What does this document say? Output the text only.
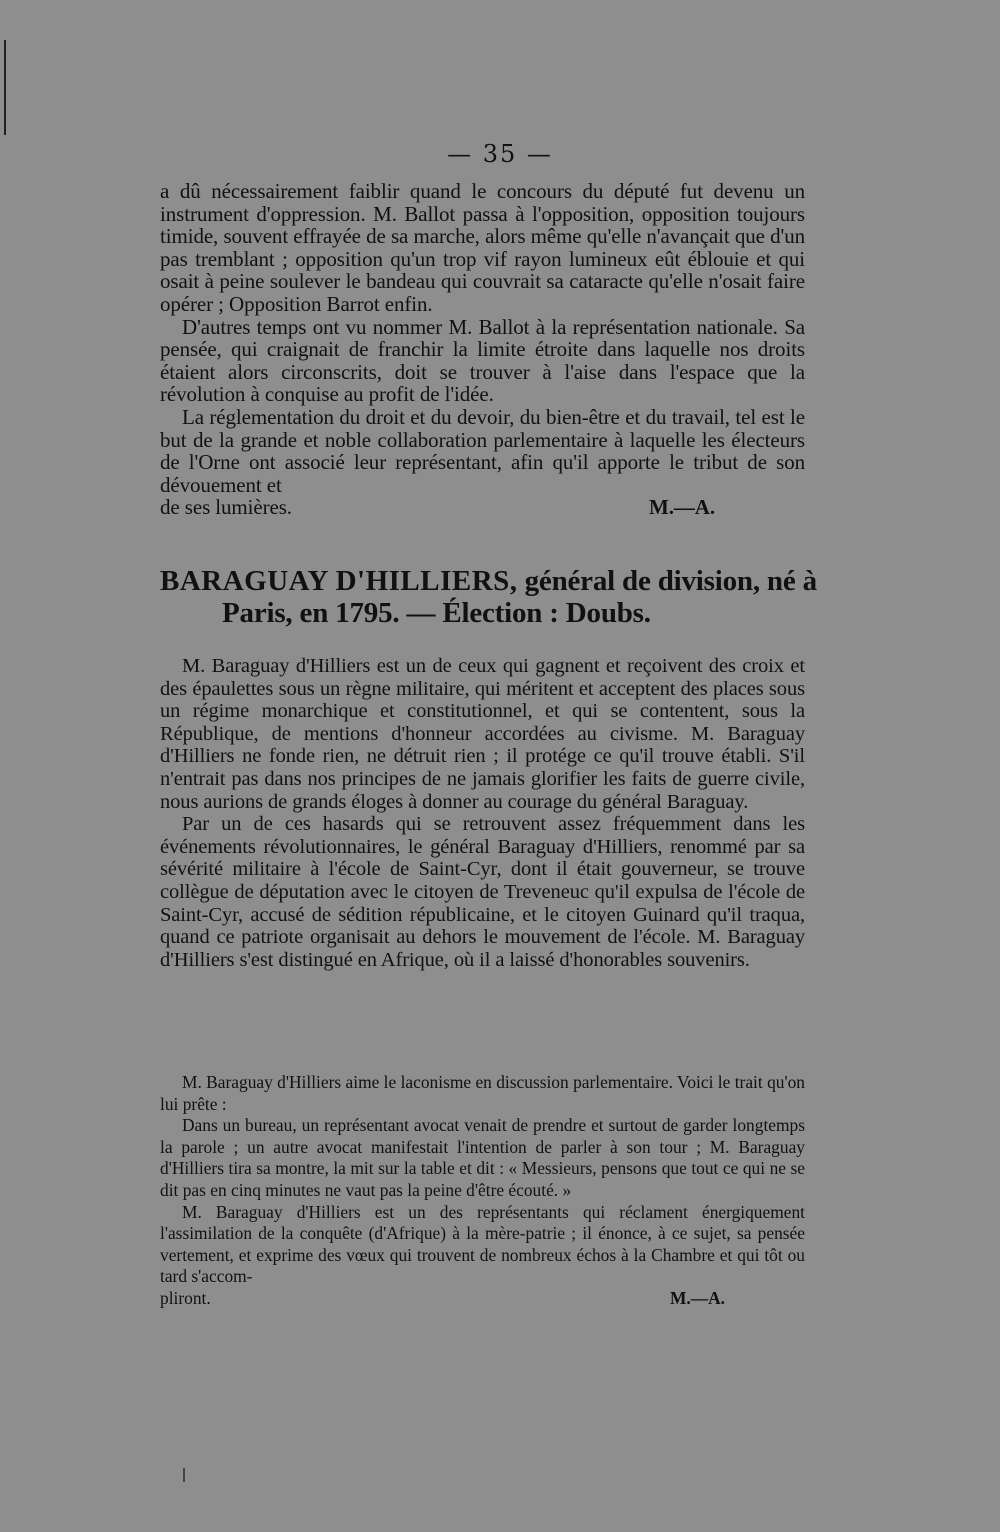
— 35 —

a dû nécessairement faiblir quand le concours du député fut devenu un instrument d'oppression. M. Ballot passa à l'opposition, opposition toujours timide, souvent effrayée de sa marche, alors même qu'elle n'avançait que d'un pas tremblant ; opposition qu'un trop vif rayon lumineux eût éblouie et qui osait à peine soulever le bandeau qui couvrait sa cataracte qu'elle n'osait faire opérer ; Opposition Barrot enfin.

D'autres temps ont vu nommer M. Ballot à la représentation nationale. Sa pensée, qui craignait de franchir la limite étroite dans laquelle nos droits étaient alors circonscrits, doit se trouver à l'aise dans l'espace que la révolution à conquise au profit de l'idée.

La réglementation du droit et du devoir, du bien-être et du travail, tel est le but de la grande et noble collaboration parlementaire à laquelle les électeurs de l'Orne ont associé leur représentant, afin qu'il apporte le tribut de son dévouement et

de ses lumières.	M.—A.
BARAGUAY D'HILLIERS, général de division, né à
Paris, en 1795. — Élection : Doubs.

M. Baraguay d'Hilliers est un de ceux qui gagnent et reçoivent des croix et des épaulettes sous un règne militaire, qui méritent et acceptent des places sous un régime monarchique et constitutionnel, et qui se contentent, sous la République, de mentions d'honneur accordées au civisme. M. Baraguay d'Hilliers ne fonde rien, ne détruit rien ; il protége ce qu'il trouve établi. S'il n'entrait pas dans nos principes de ne jamais glorifier les faits de guerre civile, nous aurions de grands éloges à donner au courage du général Baraguay.

Par un de ces hasards qui se retrouvent assez fréquemment dans les événements révolutionnaires, le général Baraguay d'Hilliers, renommé par sa sévérité militaire à l'école de Saint-Cyr, dont il était gouverneur, se trouve collègue de députation avec le citoyen de Treveneuc qu'il expulsa de l'école de Saint-Cyr, accusé de sédition républicaine, et le citoyen Guinard qu'il traqua, quand ce patriote organisait au dehors le mouvement de l'école. M. Baraguay d'Hilliers s'est distingué en Afrique, où il a laissé d'honorables souvenirs.

M. Baraguay d'Hilliers aime le laconisme en discussion parlementaire. Voici le trait qu'on lui prête :

Dans un bureau, un représentant avocat venait de prendre et surtout de garder longtemps la parole ; un autre avocat manifestait l'intention de parler à son tour ; M. Baraguay d'Hilliers tira sa montre, la mit sur la table et dit : « Messieurs, pensons que tout ce qui ne se dit pas en cinq minutes ne vaut pas la peine d'être écouté. »

M. Baraguay d'Hilliers est un des représentants qui réclament énergiquement l'assimilation de la conquête (d'Afrique) à la mère-patrie ; il énonce, à ce sujet, sa pensée vertement, et exprime des vœux qui trouvent de nombreux échos à la Chambre et qui tôt ou tard s'accom-

pliront.	M.—A.
